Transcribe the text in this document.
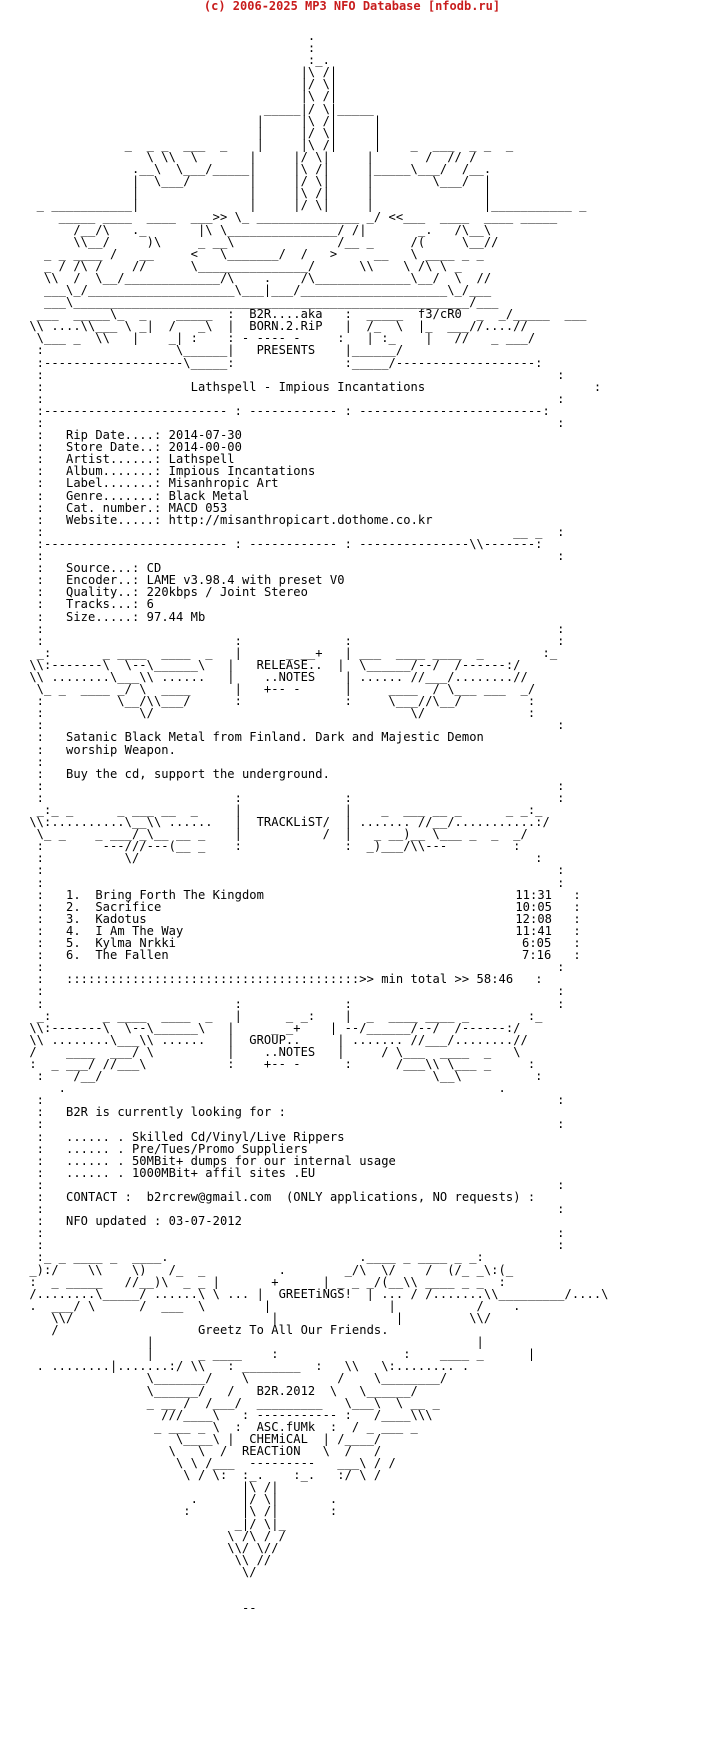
(c) 2006-2025 MP3 NFO Database [nfodb.ru]
.
:
:_.
|\ /|
|/ \|
|\ /|
_____|/ \|_____
|     |\ /|     |
|     |/ \|     |
_  _ _  ___  _    |     |\ /|     |    _  ___  _ _  _
\ \\  \       |     |/ \|     |       /  // /
.__\  \___/_____|     |\ /|     |_____\___/  /__.
|  \___/        |     |/ \|     |        \___/  |
|               |     |\ /|     |               |
_ ___________|               |     |/ \|     |               |___________ _
_____ ____  ____  ___>> \_ ______________ _/ <<___  ____  ____ _____
/__/\   ._       |\ \_______________/ /|       _.   /\__\
\\__/     )\     _ __\              /__ _     /(     \__//
_ _ ____ /   __     <   \_______/  /   >     __   \ ____ _ _
_ / /\ /    //      \_______________/      \\    \ /\ \ _
\\  /  \__/_____________/\    .    /\_____________\__/  \  //
___\_/____________________\___|___/____________________\_/___
___\______________________________________________________/___
___  _____\_  _    _____  :  B2R....aka   :  _____  f3/cR0  _  _/_____  ___
\\ ....\\___ \ _|  /   _\  |  BORN.2.RiP   |  /_  \  |_  ___//....//
\___ _  \\   |    _| :    : - ---- -     :   | :_    |   //   _ ___/
:                  \______|   PRESENTS    |______/
:-------------------\_____:               :_____/-------------------:
:                                                                      :
:                    Lathspell - Impious Incantations                       :
:                                                                      :
:------------------------- : ------------ : -------------------------:
:                                                                      :
:   Rip Date....: 2014-07-30
:   Store Date..: 2014-00-00
:   Artist......: Lathspell
:   Album.......: Impious Incantations
:   Label.......: Misanhropic Art
:   Genre.......: Black Metal
:   Cat. number.: MACD 053
:   Website.....: http://misanthropicart.dothome.co.kr
:                                                                __ _  :
:------------------------- : ------------ : ---------------\\-------:
:                                                                      :
:   Source...: CD
:   Encoder..: LAME v3.98.4 with preset V0
:   Quality..: 220kbps / Joint Stereo
:   Tracks...: 6
:   Size.....: 97.44 Mb
:                                                                      :
:                          :              :                            :
_:       _ ____  ____  _   |      _ __+   | ___  ____ ____  _        :_
\\:-------\  \--\______\   |   RELEASE..  |  \______/--/  /------:/
\\ ........\___\\ ......   |    ..NOTES    | ...... //___/........//
\_ _  ____ _/ \  ____      |   +-- -      |     ____  / \___ ___  _/
:          \__/\\___/      :              :     \___//\__/         :
:             \/                                   \/              :
:                                                                      :
:   Satanic Black Metal from Finland. Dark and Majestic Demon
:   worship Weapon.
:
:   Buy the cd, support the underground.
:                                                                      :
:                          :              :                            :
_:_ _      _ ___ __  _     |              |    _  ___ __ _      _ _:_
\\:..........\__\\ ......   |  TRACKLiST/  | ....... //__/...........:/
\_ _    _ ___/_\__ __ _    |           /  |   _ __)__ \___ _  _  _/
:        ---///---(__ _    :              :  _)___/\\---         :
:           \/                                                      :
:                                                                      :
:                                                                      :
:   1. Bring Forth The Kingdom	11:31   :
:   2. Sacrifice	10:05   :
:   3. Kadotus	12:08   :
:   4. I Am The Way	11:41   :
:   5. Kylma Nrkki	6:05   :
:   6. The Fallen	7:16   :
:                                                                      :
:   ::::::::::::::::::::::::::::::::::::::::>> min total >> 58:46   :
:                                                                      :
:                          :              :                            :
_:       _ ____  ____  _   |      _ _:    |  _  ____ ____ _        :_
\\:-------\  \--\______\   |     _ _+    | --/______/--/  /------:/
\\ ........\___\\ ......   |  GROUP..     | ....... //___/........//
/    ____  ___/ \          |    ..NOTES   |     / \___  ____  _   \
:  _ ___/ //___\           :    +-- -      :      /___\\ \___ _     :
:    /__/                                             \__\          :
.                                                           .
:                                                                      :
:   B2R is currently looking for :
:                                                                      :
:   ...... . Skilled Cd/Vinyl/Live Rippers
:   ...... . Pre/Tues/Promo Suppliers
:   ...... . 50MBit+ dumps for our internal usage
:   ...... . 1000MBit+ affil sites .EU
:                                                                      :
:   CONTACT : b2rcrew@gmail.com (ONLY applications, NO requests) :
:                                                                      :
:   NFO updated : 03-07-2012
:                                                                      :
:                                                                      :
:_ _ ____ _  ____.                          .____ _ ____ _ _:
_):/    \\    \)   /_  _          .        _/\  \/    /  (/_ _\:(_
:  _ _____   //__)\  _ _ |       +      | _ _ _/(__\\ ____ _ _  :
/........\_____/ ......\ \ ... |  GREETiNGS!  | ... / /.......\\_________/....\
.  ___/ \      /  ___  \        |                |           /    .
\\/                           |                |         \\/
/                   Greetz To All Our Friends.
|                                            |
|      _ ____    :                 :    ____ _      |
. ........|.......:/ \\   : ________  :   \\   \:........ .
\_______/    \            /    \________/
\______/   /   B2R.2012  \   \______/
_ __ /  /___/  _________   \___\  \ __ _
///____\   : ----------- :   /____\\\
_ ___ _ \  :  ASC.fUMk  :  / _ ___ _
\____\ |  CHEMiCAL  | /____/
\   \  /  REACTiON   \  /   /
\ \ /___  ---------   ___\ / /
\ / \:  :_.    :_.   :/ \ /
|\ /|
.      |/ \|       .
:       |\ /|       :
_|/ \|_
\ /\ / /
\\/ \//
\\ //
\/
--
